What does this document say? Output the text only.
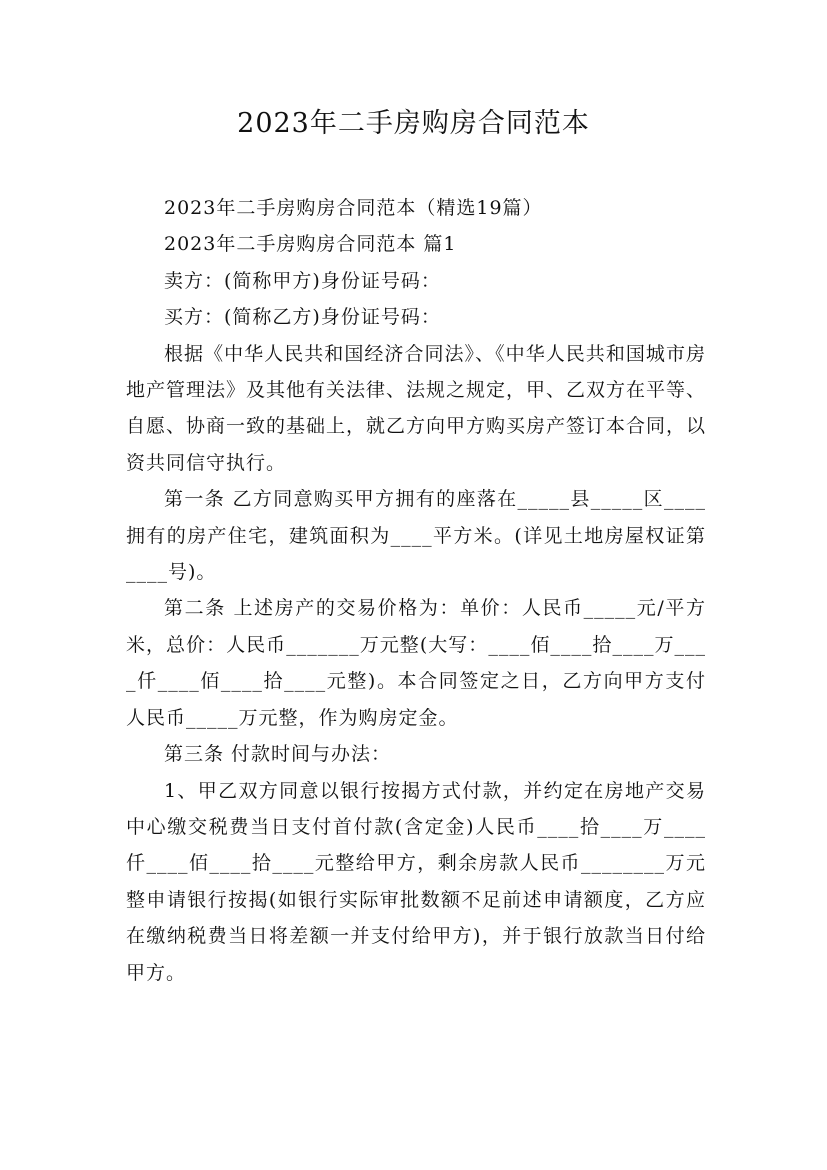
2023年二手房购房合同范本

2023年二手房购房合同范本（精选19篇）

2023年二手房购房合同范本 篇1

卖方：(简称甲方)身份证号码：

买方：(简称乙方)身份证号码：

根据《中华人民共和国经济合同法》、《中华人民共和国城市房地产管理法》及其他有关法律、法规之规定，甲、乙双方在平等、自愿、协商一致的基础上，就乙方向甲方购买房产签订本合同，以资共同信守执行。

第一条 乙方同意购买甲方拥有的座落在_____县_____区____拥有的房产住宅，建筑面积为____平方米。(详见土地房屋权证第____号)。

第二条 上述房产的交易价格为：单价：人民币_____元/平方米，总价：人民币_______万元整(大写：____佰____拾____万____仟____佰____拾____元整)。本合同签定之日，乙方向甲方支付人民币_____万元整，作为购房定金。

第三条 付款时间与办法：

1、甲乙双方同意以银行按揭方式付款，并约定在房地产交易中心缴交税费当日支付首付款(含定金)人民币____拾____万____仟____佰____拾____元整给甲方，剩余房款人民币________万元整申请银行按揭(如银行实际审批数额不足前述申请额度，乙方应在缴纳税费当日将差额一并支付给甲方)，并于银行放款当日付给甲方。
